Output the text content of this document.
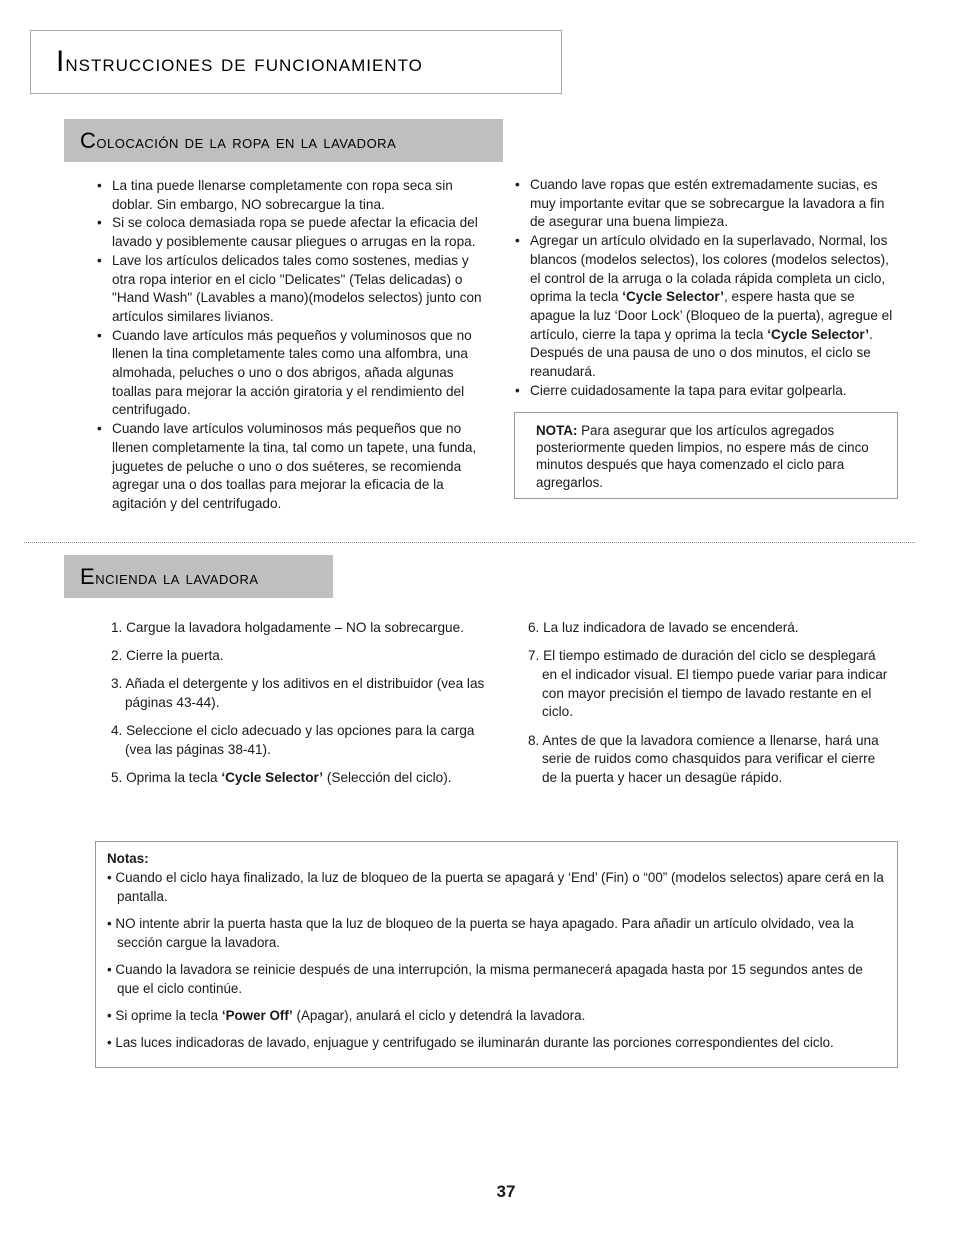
Instrucciones de funcionamiento
Colocación de la ropa en la lavadora
• La tina puede llenarse completamente con ropa seca sin doblar. Sin embargo, NO sobrecargue la tina.
• Si se coloca demasiada ropa se puede afectar la eficacia del lavado y posiblemente causar pliegues o arrugas en la ropa.
• Lave los artículos delicados tales como sostenes, medias y otra ropa interior en el ciclo "Delicates" (Telas delicadas) o "Hand Wash" (Lavables a mano)(modelos selectos) junto con artículos similares livianos.
• Cuando lave artículos más pequeños y voluminosos que no llenen la tina completamente tales como una alfombra, una almohada, peluches o uno o dos abrigos, añada algunas toallas para mejorar la acción giratoria y el rendimiento del centrifugado.
• Cuando lave artículos voluminosos más pequeños que no llenen completamente la tina, tal como un tapete, una funda, juguetes de peluche o uno o dos suéteres, se recomienda agregar una o dos toallas para mejorar la eficacia de la agitación y del centrifugado.
• Cuando lave ropas que estén extremadamente sucias, es muy importante evitar que se sobrecargue la lavadora a fin de asegurar una buena limpieza.
• Agregar un artículo olvidado en la superlavado, Normal, los blancos (modelos selectos), los colores (modelos selectos), el control de la arruga o la colada rápida completa un ciclo, oprima la tecla ‘Cycle Selector’, espere hasta que se apague la luz ‘Door Lock’ (Bloqueo de la puerta), agregue el artículo, cierre la tapa y oprima la tecla ‘Cycle Selector’. Después de una pausa de uno o dos minutos, el ciclo se reanudará.
• Cierre cuidadosamente la tapa para evitar golpearla.
NOTA: Para asegurar que los artículos agregados posteriormente queden limpios, no espere más de cinco minutos después que haya comenzado el ciclo para agregarlos.
Encienda la lavadora
1. Cargue la lavadora holgadamente – NO la sobrecargue.
2. Cierre la puerta.
3. Añada el detergente y los aditivos en el distribuidor (vea las páginas 43-44).
4. Seleccione el ciclo adecuado y las opciones para la carga (vea las páginas 38-41).
5. Oprima la tecla ‘Cycle Selector’ (Selección del ciclo).
6. La luz indicadora de lavado se encenderá.
7. El tiempo estimado de duración del ciclo se desplegará en el indicador visual. El tiempo puede variar para indicar con mayor precisión el tiempo de lavado restante en el ciclo.
8. Antes de que la lavadora comience a llenarse, hará una serie de ruidos como chasquidos para verificar el cierre de la puerta y hacer un desagüe rápido.
Notas:
• Cuando el ciclo haya finalizado, la luz de bloqueo de la puerta se apagará y ‘End’ (Fin) o “00” (modelos selectos) apare cerá en la pantalla.
• NO intente abrir la puerta hasta que la luz de bloqueo de la puerta se haya apagado. Para añadir un artículo olvidado, vea la sección cargue la lavadora.
• Cuando la lavadora se reinicie después de una interrupción, la misma permanecerá apagada hasta por 15 segundos antes de que el ciclo continúe.
• Si oprime la tecla ‘Power Off’ (Apagar), anulará el ciclo y detendrá la lavadora.
• Las luces indicadoras de lavado, enjuague y centrifugado se iluminarán durante las porciones correspondientes del ciclo.
37
